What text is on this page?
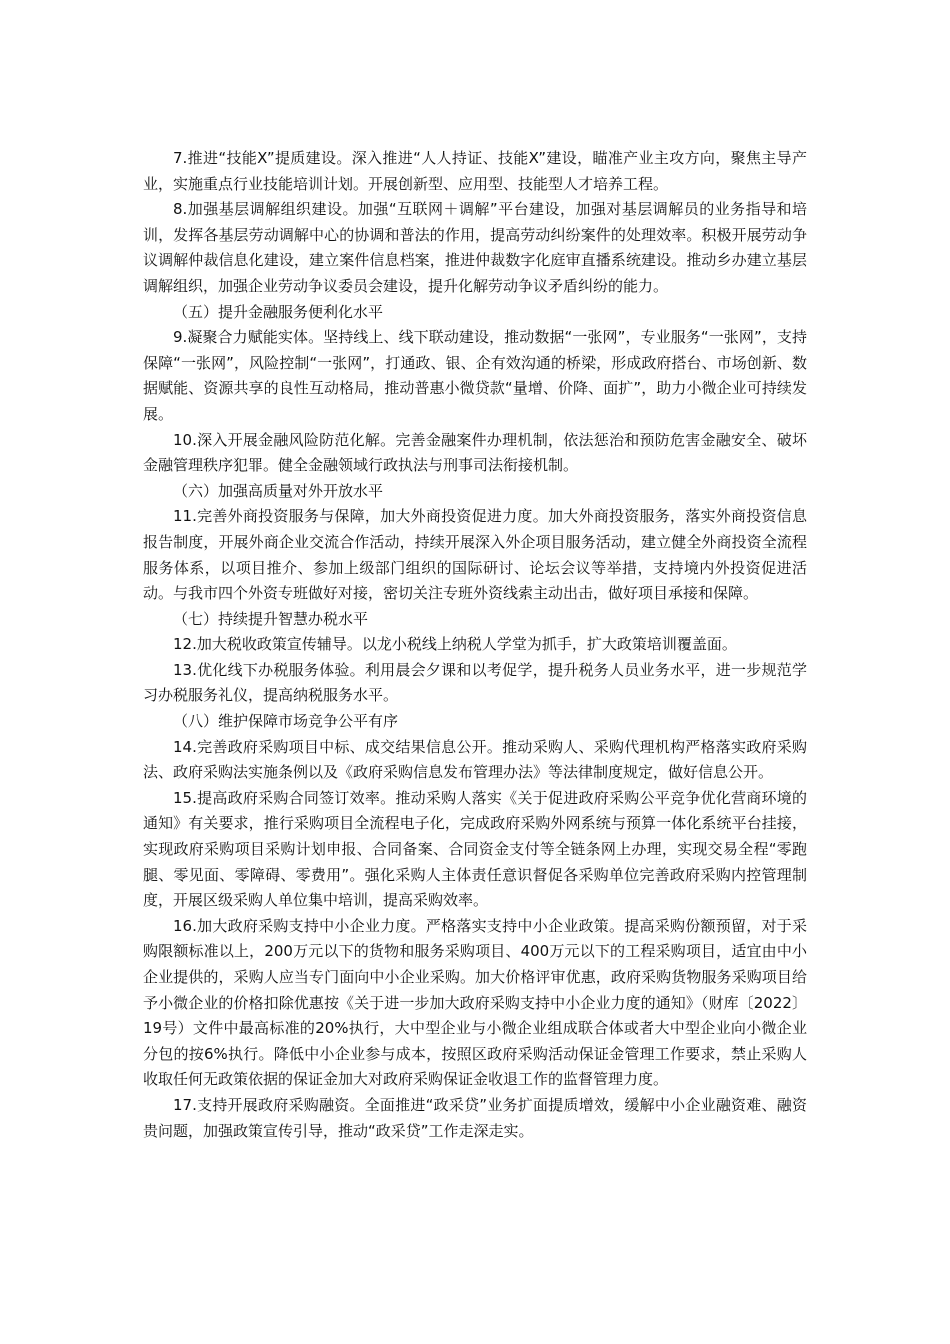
7.推进“技能X”提质建设。深入推进“人人持证、技能X”建设，瞄准产业主攻方向，聚焦主导产业，实施重点行业技能培训计划。开展创新型、应用型、技能型人才培养工程。

8.加强基层调解组织建设。加强“互联网＋调解”平台建设，加强对基层调解员的业务指导和培训，发挥各基层劳动调解中心的协调和普法的作用，提高劳动纠纷案件的处理效率。积极开展劳动争议调解仲裁信息化建设，建立案件信息档案，推进仲裁数字化庭审直播系统建设。推动乡办建立基层调解组织，加强企业劳动争议委员会建设，提升化解劳动争议矛盾纠纷的能力。

（五）提升金融服务便利化水平

9.凝聚合力赋能实体。坚持线上、线下联动建设，推动数据“一张网”，专业服务“一张网”，支持保障“一张网”，风险控制“一张网”，打通政、银、企有效沟通的桥梁，形成政府搭台、市场创新、数据赋能、资源共享的良性互动格局，推动普惠小微贷款“量增、价降、面扩”，助力小微企业可持续发展。

10.深入开展金融风险防范化解。完善金融案件办理机制，依法惩治和预防危害金融安全、破坏金融管理秩序犯罪。健全金融领域行政执法与刑事司法衔接机制。

（六）加强高质量对外开放水平

11.完善外商投资服务与保障，加大外商投资促进力度。加大外商投资服务，落实外商投资信息报告制度，开展外商企业交流合作活动，持续开展深入外企项目服务活动，建立健全外商投资全流程服务体系，以项目推介、参加上级部门组织的国际研讨、论坛会议等举措，支持境内外投资促进活动。与我市四个外资专班做好对接，密切关注专班外资线索主动出击，做好项目承接和保障。

（七）持续提升智慧办税水平

12.加大税收政策宣传辅导。以龙小税线上纳税人学堂为抓手，扩大政策培训覆盖面。

13.优化线下办税服务体验。利用晨会夕课和以考促学，提升税务人员业务水平，进一步规范学习办税服务礼仪，提高纳税服务水平。

（八）维护保障市场竞争公平有序

14.完善政府采购项目中标、成交结果信息公开。推动采购人、采购代理机构严格落实政府采购法、政府采购法实施条例以及《政府采购信息发布管理办法》等法律制度规定，做好信息公开。

15.提高政府采购合同签订效率。推动采购人落实《关于促进政府采购公平竞争优化营商环境的通知》有关要求，推行采购项目全流程电子化，完成政府采购外网系统与预算一体化系统平台挂接，实现政府采购项目采购计划申报、合同备案、合同资金支付等全链条网上办理，实现交易全程“零跑腿、零见面、零障碍、零费用”。强化采购人主体责任意识督促各采购单位完善政府采购内控管理制度，开展区级采购人单位集中培训，提高采购效率。

16.加大政府采购支持中小企业力度。严格落实支持中小企业政策。提高采购份额预留，对于采购限额标准以上，200万元以下的货物和服务采购项目、400万元以下的工程采购项目，适宜由中小企业提供的，采购人应当专门面向中小企业采购。加大价格评审优惠，政府采购货物服务采购项目给予小微企业的价格扣除优惠按《关于进一步加大政府采购支持中小企业力度的通知》（财库〔2022〕19号）文件中最高标准的20%执行，大中型企业与小微企业组成联合体或者大中型企业向小微企业分包的按6%执行。降低中小企业参与成本，按照区政府采购活动保证金管理工作要求，禁止采购人收取任何无政策依据的保证金加大对政府采购保证金收退工作的监督管理力度。

17.支持开展政府采购融资。全面推进“政采贷”业务扩面提质增效，缓解中小企业融资难、融资贵问题，加强政策宣传引导，推动“政采贷”工作走深走实。
